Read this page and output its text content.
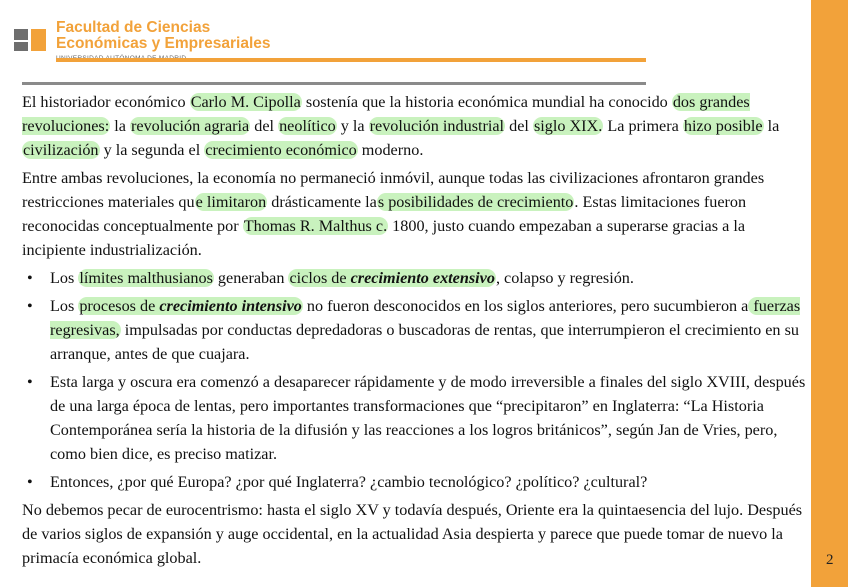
Facultad de Ciencias
Económicas y Empresariales

El historiador económico Carlo M. Cipolla sostenía que la historia económica mundial ha conocido dos grandes revoluciones: la revolución agraria del neolítico y la revolución industrial del siglo XIX. La primera hizo posible la civilización y la segunda el crecimiento económico moderno.

Entre ambas revoluciones, la economía no permaneció inmóvil, aunque todas las civilizaciones afrontaron grandes restricciones materiales que limitaron drásticamente las posibilidades de crecimiento. Estas limitaciones fueron reconocidas conceptualmente por Thomas R. Malthus c. 1800, justo cuando empezaban a superarse gracias a la incipiente industrialización.

• Los límites malthusianos generaban ciclos de crecimiento extensivo, colapso y regresión.
• Los procesos de crecimiento intensivo no fueron desconocidos en los siglos anteriores, pero sucumbieron a fuerzas regresivas, impulsadas por conductas depredadoras o buscadoras de rentas, que interrumpieron el crecimiento en su arranque, antes de que cuajara.
• Esta larga y oscura era comenzó a desaparecer rápidamente y de modo irreversible a finales del siglo XVIII, después de una larga época de lentas, pero importantes transformaciones que “precipitaron” en Inglaterra: “La Historia Contemporánea sería la historia de la difusión y las reacciones a los logros británicos”, según Jan de Vries, pero, como bien dice, es preciso matizar.
• Entonces, ¿por qué Europa? ¿por qué Inglaterra? ¿cambio tecnológico? ¿político? ¿cultural?

No debemos pecar de eurocentrismo: hasta el siglo XV y todavía después, Oriente era la quintaesencia del lujo. Después de varios siglos de expansión y auge occidental, en la actualidad Asia despierta y parece que puede tomar de nuevo la primacía económica global.	2
